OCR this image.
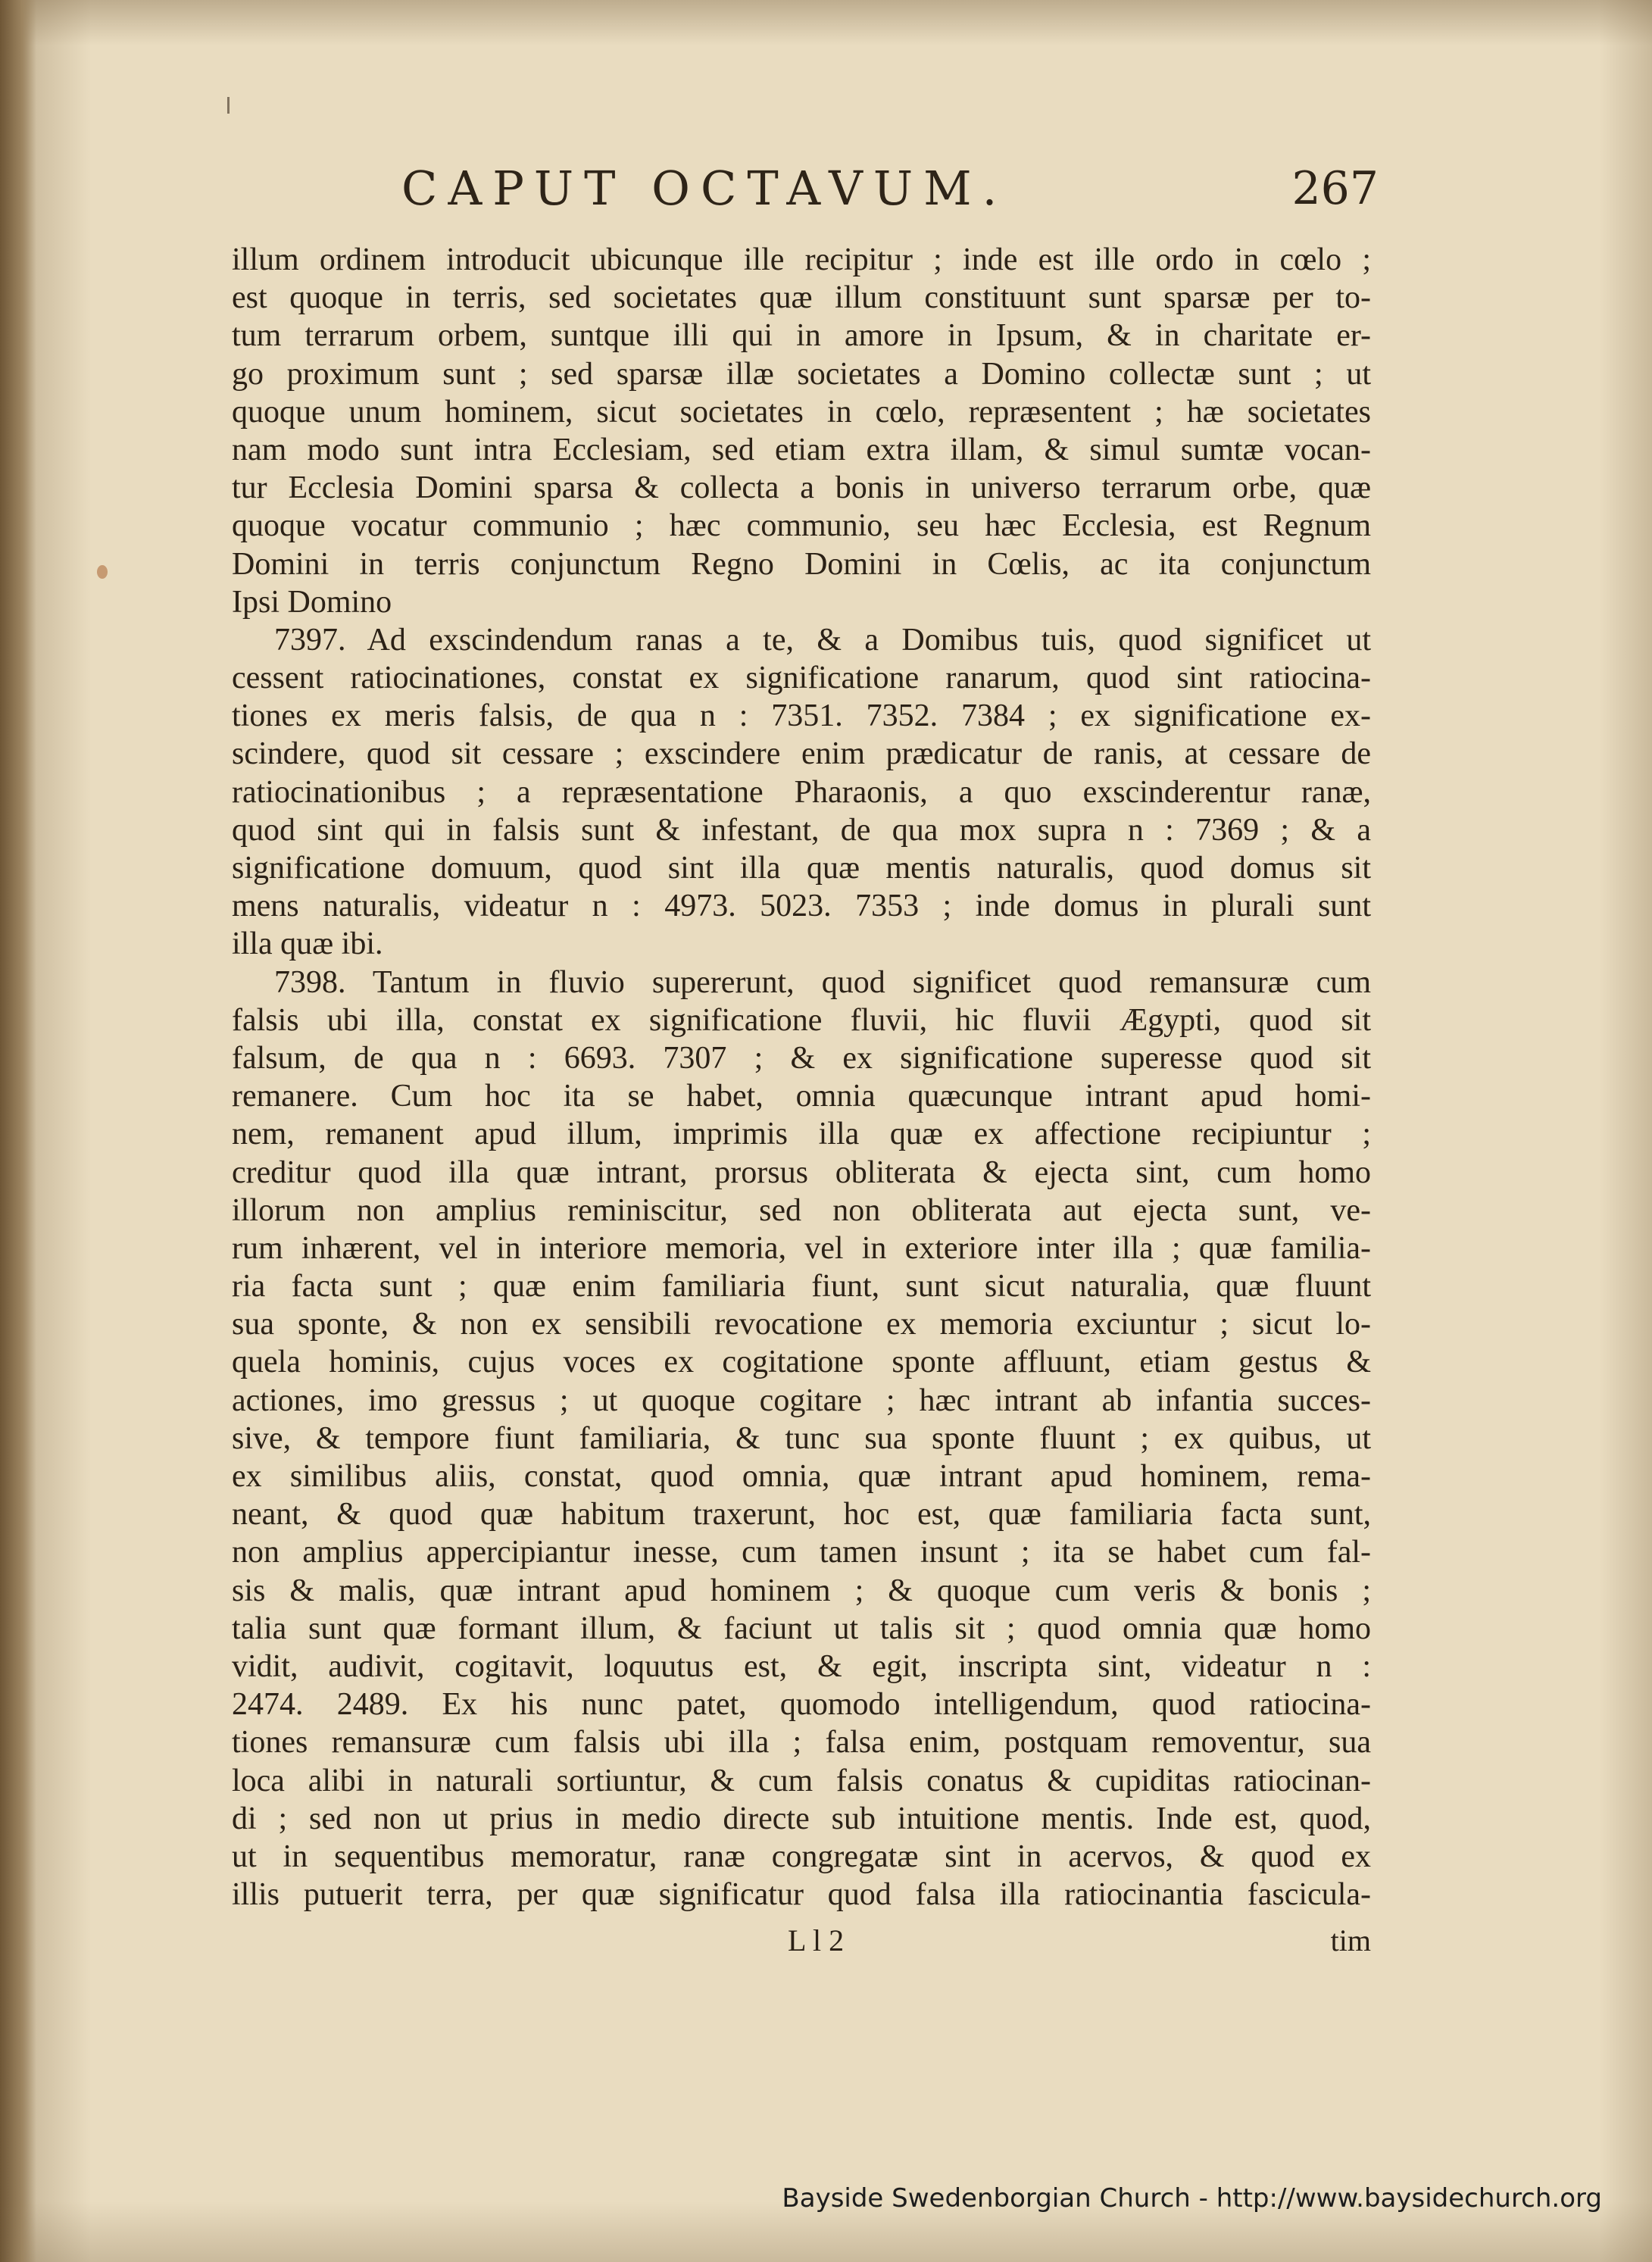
CAPUT OCTAVUM.	267
illum ordinem introducit ubicunque ille recipitur ; inde est ille ordo in cœlo ;
est quoque in terris, sed societates quæ illum constituunt sunt sparsæ per to-
tum terrarum orbem, suntque illi qui in amore in Ipsum, & in charitate er-
go proximum sunt ; sed sparsæ illæ societates a Domino collectæ sunt ; ut
quoque unum hominem, sicut societates in cœlo, repræsentent ; hæ societates
nam modo sunt intra Ecclesiam, sed etiam extra illam, & simul sumtæ vocan-
tur Ecclesia Domini sparsa & collecta a bonis in universo terrarum orbe, quæ
quoque vocatur communio ; hæc communio, seu hæc Ecclesia, est Regnum
Domini in terris conjunctum Regno Domini in Cœlis, ac ita conjunctum
Ipsi Domino
7397. Ad exscindendum ranas a te, & a Domibus tuis, quod significet ut
cessent ratiocinationes, constat ex significatione ranarum, quod sint ratiocina-
tiones ex meris falsis, de qua n : 7351. 7352. 7384 ; ex significatione ex-
scindere, quod sit cessare ; exscindere enim prædicatur de ranis, at cessare de
ratiocinationibus ; a repræsentatione Pharaonis, a quo exscinderentur ranæ,
quod sint qui in falsis sunt & infestant, de qua mox supra n : 7369 ; & a
significatione domuum, quod sint illa quæ mentis naturalis, quod domus sit
mens naturalis, videatur n : 4973. 5023. 7353 ; inde domus in plurali sunt
illa quæ ibi.
7398. Tantum in fluvio supererunt, quod significet quod remansuræ cum
falsis ubi illa, constat ex significatione fluvii, hic fluvii Ægypti, quod sit
falsum, de qua n : 6693. 7307 ; & ex significatione superesse quod sit
remanere. Cum hoc ita se habet, omnia quæcunque intrant apud homi-
nem, remanent apud illum, imprimis illa quæ ex affectione recipiuntur ;
creditur quod illa quæ intrant, prorsus obliterata & ejecta sint, cum homo
illorum non amplius reminiscitur, sed non obliterata aut ejecta sunt, ve-
rum inhærent, vel in interiore memoria, vel in exteriore inter illa ; quæ familia-
ria facta sunt ; quæ enim familiaria fiunt, sunt sicut naturalia, quæ fluunt
sua sponte, & non ex sensibili revocatione ex memoria exciuntur ; sicut lo-
quela hominis, cujus voces ex cogitatione sponte affluunt, etiam gestus &
actiones, imo gressus ; ut quoque cogitare ; hæc intrant ab infantia succes-
sive, & tempore fiunt familiaria, & tunc sua sponte fluunt ; ex quibus, ut
ex similibus aliis, constat, quod omnia, quæ intrant apud hominem, rema-
neant, & quod quæ habitum traxerunt, hoc est, quæ familiaria facta sunt,
non amplius appercipiantur inesse, cum tamen insunt ; ita se habet cum fal-
sis & malis, quæ intrant apud hominem ; & quoque cum veris & bonis ;
talia sunt quæ formant illum, & faciunt ut talis sit ; quod omnia quæ homo
vidit, audivit, cogitavit, loquutus est, & egit, inscripta sint, videatur n :
2474. 2489. Ex his nunc patet, quomodo intelligendum, quod ratiocina-
tiones remansuræ cum falsis ubi illa ; falsa enim, postquam removentur, sua
loca alibi in naturali sortiuntur, & cum falsis conatus & cupiditas ratiocinan-
di ; sed non ut prius in medio directe sub intuitione mentis. Inde est, quod,
ut in sequentibus memoratur, ranæ congregatæ sint in acervos, & quod ex
illis putuerit terra, per quæ significatur quod falsa illa ratiocinantia fascicula-
L l 2	tim
Bayside Swedenborgian Church - http://www.baysidechurch.org
